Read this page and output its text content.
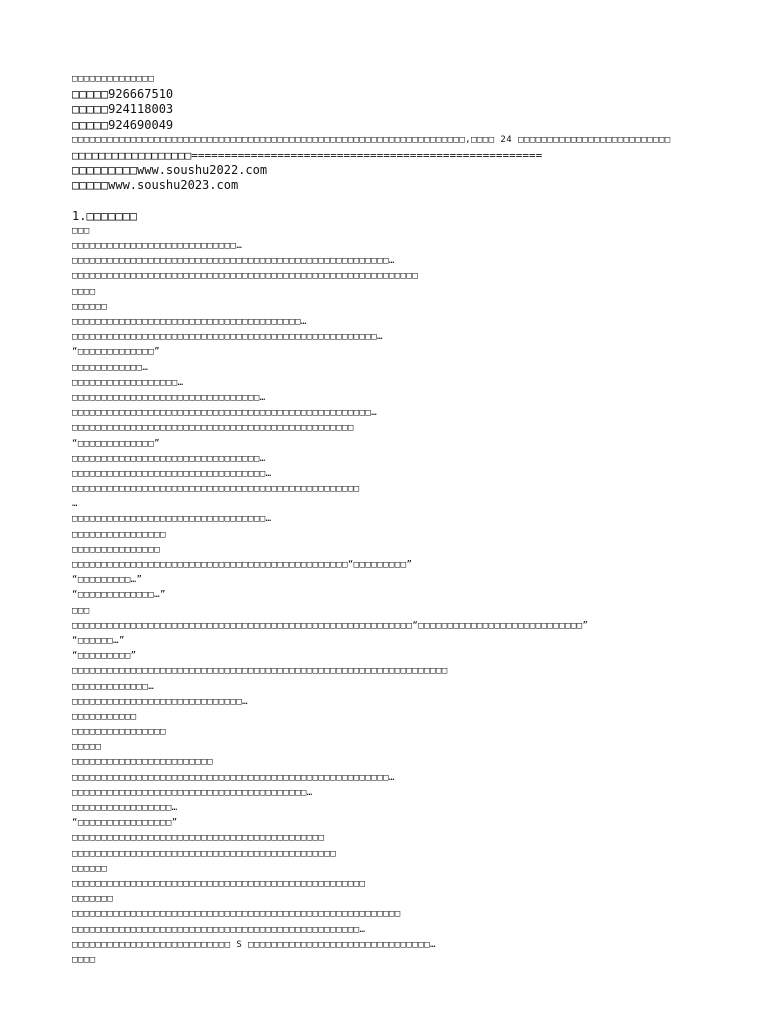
□□□□□□□□□□□□□□
□□□□□926667510
□□□□□924118003
□□□□□924690049
□□□□□□□□□□□□□□□□□□□□□□□□□□□□□□□□□□□□□□□□□□□□□□□□□□□□□□□□□□□□□□□□□□□,□□□□ 24 □□□□□□□□□□□□□□□□□□□□□□□□□□
□□□□□□□□□□□□□□□□□□=====================================================
□□□□□□□□□www.soushu2022.com
□□□□□www.soushu2023.com
1.□□□□□□□
□□□
□□□□□□□□□□□□□□□□□□□□□□□□□□□□…
□□□□□□□□□□□□□□□□□□□□□□□□□□□□□□□□□□□□□□□□□□□□□□□□□□□□□□…
□□□□□□□□□□□□□□□□□□□□□□□□□□□□□□□□□□□□□□□□□□□□□□□□□□□□□□□□□□□
□□□□
□□□□□□
□□□□□□□□□□□□□□□□□□□□□□□□□□□□□□□□□□□□□□□…
□□□□□□□□□□□□□□□□□□□□□□□□□□□□□□□□□□□□□□□□□□□□□□□□□□□□…
“□□□□□□□□□□□□□”
□□□□□□□□□□□□…
□□□□□□□□□□□□□□□□□□…
□□□□□□□□□□□□□□□□□□□□□□□□□□□□□□□□…
□□□□□□□□□□□□□□□□□□□□□□□□□□□□□□□□□□□□□□□□□□□□□□□□□□□…
□□□□□□□□□□□□□□□□□□□□□□□□□□□□□□□□□□□□□□□□□□□□□□□□
“□□□□□□□□□□□□□”
□□□□□□□□□□□□□□□□□□□□□□□□□□□□□□□□…
□□□□□□□□□□□□□□□□□□□□□□□□□□□□□□□□□…
□□□□□□□□□□□□□□□□□□□□□□□□□□□□□□□□□□□□□□□□□□□□□□□□□
…
□□□□□□□□□□□□□□□□□□□□□□□□□□□□□□□□□…
□□□□□□□□□□□□□□□□
□□□□□□□□□□□□□□□
□□□□□□□□□□□□□□□□□□□□□□□□□□□□□□□□□□□□□□□□□□□□□□□“□□□□□□□□□”
“□□□□□□□□□…”
“□□□□□□□□□□□□□…”
□□□
□□□□□□□□□□□□□□□□□□□□□□□□□□□□□□□□□□□□□□□□□□□□□□□□□□□□□□□□□□“□□□□□□□□□□□□□□□□□□□□□□□□□□□□”
“□□□□□□…”
“□□□□□□□□□”
□□□□□□□□□□□□□□□□□□□□□□□□□□□□□□□□□□□□□□□□□□□□□□□□□□□□□□□□□□□□□□□□
□□□□□□□□□□□□□…
□□□□□□□□□□□□□□□□□□□□□□□□□□□□□…
□□□□□□□□□□□
□□□□□□□□□□□□□□□□
□□□□□
□□□□□□□□□□□□□□□□□□□□□□□□
□□□□□□□□□□□□□□□□□□□□□□□□□□□□□□□□□□□□□□□□□□□□□□□□□□□□□□…
□□□□□□□□□□□□□□□□□□□□□□□□□□□□□□□□□□□□□□□□…
□□□□□□□□□□□□□□□□□…
“□□□□□□□□□□□□□□□□”
□□□□□□□□□□□□□□□□□□□□□□□□□□□□□□□□□□□□□□□□□□□
□□□□□□□□□□□□□□□□□□□□□□□□□□□□□□□□□□□□□□□□□□□□□
□□□□□□
□□□□□□□□□□□□□□□□□□□□□□□□□□□□□□□□□□□□□□□□□□□□□□□□□□
□□□□□□□
□□□□□□□□□□□□□□□□□□□□□□□□□□□□□□□□□□□□□□□□□□□□□□□□□□□□□□□□
□□□□□□□□□□□□□□□□□□□□□□□□□□□□□□□□□□□□□□□□□□□□□□□□□…
□□□□□□□□□□□□□□□□□□□□□□□□□□□ S □□□□□□□□□□□□□□□□□□□□□□□□□□□□□□□…
□□□□
